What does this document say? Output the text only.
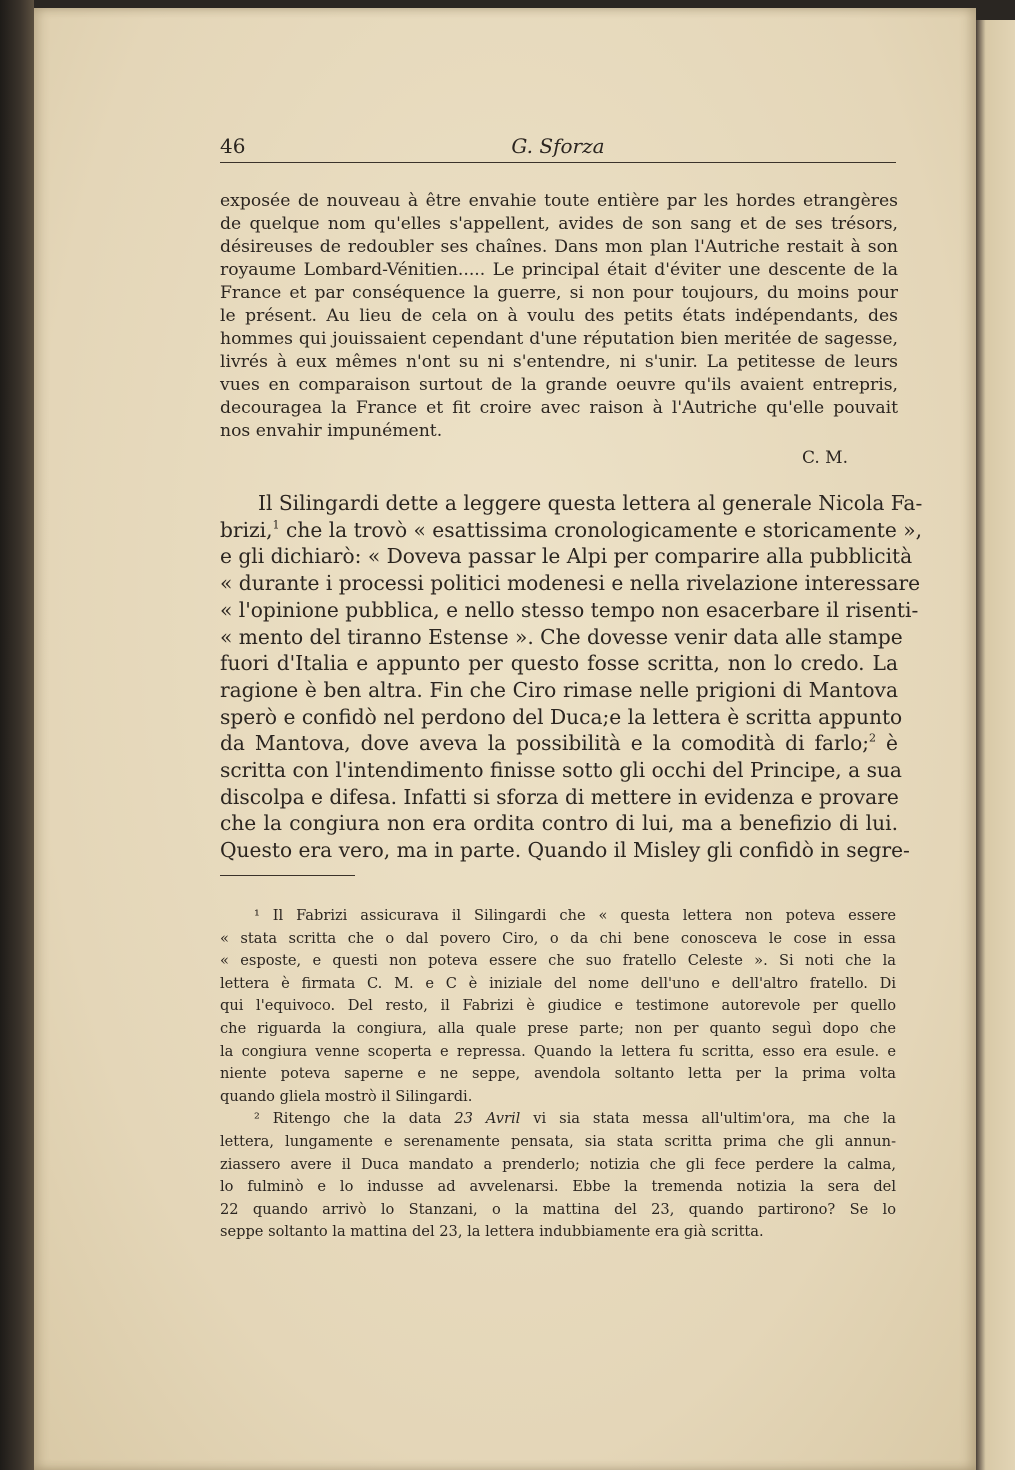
46	G. Sforza
exposée de nouveau à être envahie toute entière par les hordes etrangères
de quelque nom qu'elles s'appellent, avides de son sang et de ses trésors,
désireuses de redoubler ses chaînes. Dans mon plan l'Autriche restait à son
royaume Lombard-Vénitien..... Le principal était d'éviter une descente de la
France et par conséquence la guerre, si non pour toujours, du moins pour
le présent. Au lieu de cela on à voulu des petits états indépendants, des
hommes qui jouissaient cependant d'une réputation bien meritée de sagesse,
livrés à eux mêmes n'ont su ni s'entendre, ni s'unir. La petitesse de leurs
vues en comparaison surtout de la grande oeuvre qu'ils avaient entrepris,
decouragea la France et fit croire avec raison à l'Autriche qu'elle pouvait
nos envahir impunément.
C. M.
Il Silingardi dette a leggere questa lettera al generale Nicola Fa-
brizi,$^1$ che la trovò « esattissima cronologicamente e storicamente »,
e gli dichiarò: « Doveva passar le Alpi per comparire alla pubblicità
« durante i processi politici modenesi e nella rivelazione interessare
« l'opinione pubblica, e nello stesso tempo non esacerbare il risenti-
« mento del tiranno Estense ». Che dovesse venir data alle stampe
fuori d'Italia e appunto per questo fosse scritta, non lo credo. La
ragione è ben altra. Fin che Ciro rimase nelle prigioni di Mantova
sperò e confidò nel perdono del Duca;e la lettera è scritta appunto
da Mantova, dove aveva la possibilità e la comodità di farlo;$^2$ è
scritta con l'intendimento finisse sotto gli occhi del Principe, a sua
discolpa e difesa. Infatti si sforza di mettere in evidenza e provare
che la congiura non era ordita contro di lui, ma a benefizio di lui.
Questo era vero, ma in parte. Quando il Misley gli confidò in segre-
¹ Il Fabrizi assicurava il Silingardi che « questa lettera non poteva essere
« stata scritta che o dal povero Ciro, o da chi bene conosceva le cose in essa
« esposte, e questi non poteva essere che suo fratello Celeste ». Si noti che la
lettera è firmata C. M. e C è iniziale del nome dell'uno e dell'altro fratello. Di
qui l'equivoco. Del resto, il Fabrizi è giudice e testimone autorevole per quello
che riguarda la congiura, alla quale prese parte; non per quanto seguì dopo che
la congiura venne scoperta e repressa. Quando la lettera fu scritta, esso era esule. e
niente poteva saperne e ne seppe, avendola soltanto letta per la prima volta
quando gliela mostrò il Silingardi.
² Ritengo che la data 23 Avril vi sia stata messa all'ultim'ora, ma che la
lettera, lungamente e serenamente pensata, sia stata scritta prima che gli annun-
ziassero avere il Duca mandato a prenderlo; notizia che gli fece perdere la calma,
lo fulminò e lo indusse ad avvelenarsi. Ebbe la tremenda notizia la sera del
22 quando arrivò lo Stanzani, o la mattina del 23, quando partirono? Se lo
seppe soltanto la mattina del 23, la lettera indubbiamente era già scritta.
